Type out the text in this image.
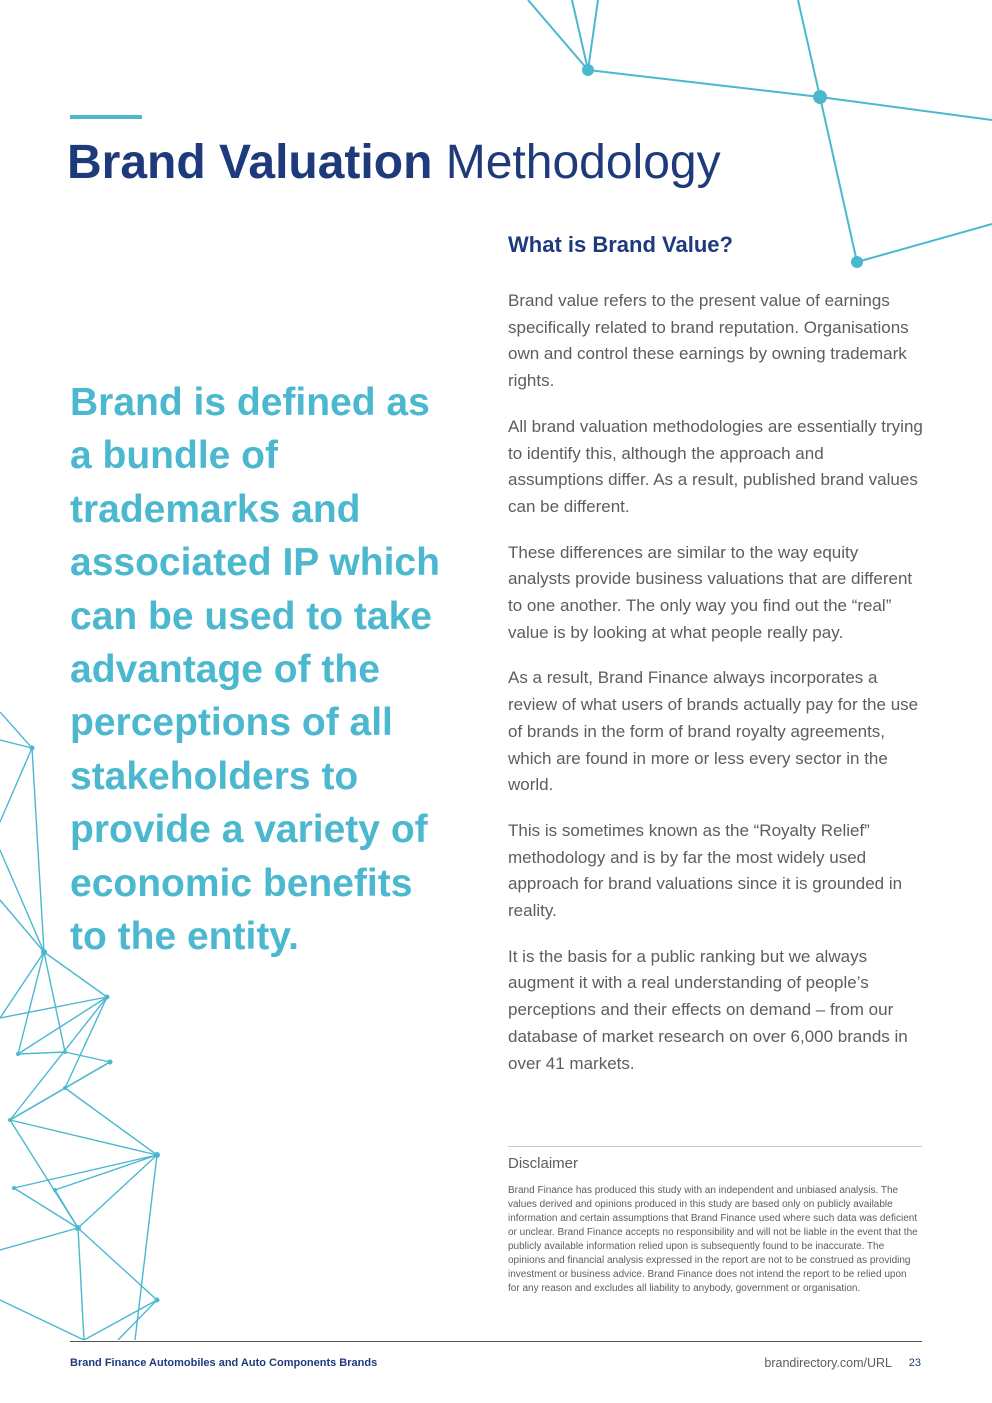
Brand Valuation Methodology

Brand is defined as a bundle of trademarks and associated IP which can be used to take advantage of the perceptions of all stakeholders to provide a variety of economic benefits to the entity.

What is Brand Value?

Brand value refers to the present value of earnings specifically related to brand reputation. Organisations own and control these earnings by owning trademark rights.

All brand valuation methodologies are essentially trying to identify this, although the approach and assumptions differ. As a result, published brand values can be different.

These differences are similar to the way equity analysts provide business valuations that are different to one another. The only way you find out the “real” value is by looking at what people really pay.

As a result, Brand Finance always incorporates a review of what users of brands actually pay for the use of brands in the form of brand royalty agreements, which are found in more or less every sector in the world.

This is sometimes known as the “Royalty Relief” methodology and is by far the most widely used approach for brand valuations since it is grounded in reality.

It is the basis for a public ranking but we always augment it with a real understanding of people’s perceptions and their effects on demand – from our database of market research on over 6,000 brands in over 41 markets.

Disclaimer

Brand Finance has produced this study with an independent and unbiased analysis. The values derived and opinions produced in this study are based only on publicly available information and certain assumptions that Brand Finance used where such data was deficient or unclear. Brand Finance accepts no responsibility and will not be liable in the event that the publicly available information relied upon is subsequently found to be inaccurate. The opinions and financial analysis expressed in the report are not to be construed as providing investment or business advice. Brand Finance does not intend the report to be relied upon for any reason and excludes all liability to anybody, government or organisation.

Brand Finance Automobiles and Auto Components Brands	brandirectory.com/URL 23
